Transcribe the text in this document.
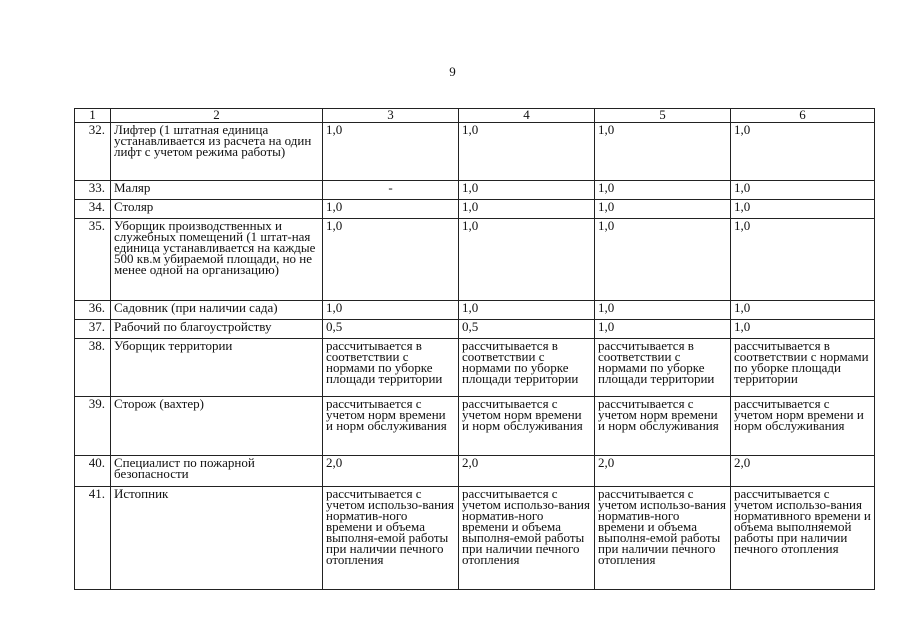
9
1	2	3	4	5	6
32.	Лифтер (1 штатная единица устанавливается из расчета на один лифт с учетом режима работы)	1,0	1,0	1,0	1,0
33.	Маляр	-	1,0	1,0	1,0
34.	Столяр	1,0	1,0	1,0	1,0
35.	Уборщик производственных и служебных помещений (1 штат-ная единица устанавливается на каждые 500 кв.м убираемой площади, но не менее одной на организацию)	1,0	1,0	1,0	1,0
36.	Садовник (при наличии сада)	1,0	1,0	1,0	1,0
37.	Рабочий по благоустройству	0,5	0,5	1,0	1,0
38.	Уборщик территории	рассчитывается в соответствии с нормами по уборке площади территории	рассчитывается в соответствии с нормами по уборке площади территории	рассчитывается в соответствии с нормами по уборке площади территории	рассчитывается в соответствии с нормами по уборке площади территории
39.	Сторож (вахтер)	рассчитывается с учетом норм времени и норм обслуживания	рассчитывается с учетом норм времени и норм обслуживания	рассчитывается с учетом норм времени и норм обслуживания	рассчитывается с учетом норм времени и норм обслуживания
40.	Специалист по пожарной безопасности	2,0	2,0	2,0	2,0
41.	Истопник	рассчитывается с учетом использо-вания норматив-ного времени и объема выполня-емой работы при наличии печного отопления	рассчитывается с учетом использо-вания норматив-ного времени и объема выполня-емой работы при наличии печного отопления	рассчитывается с учетом использо-вания норматив-ного времени и объема выполня-емой работы при наличии печного отопления	рассчитывается с учетом использо-вания нормативного времени и объема выполняемой работы при наличии печного отопления
